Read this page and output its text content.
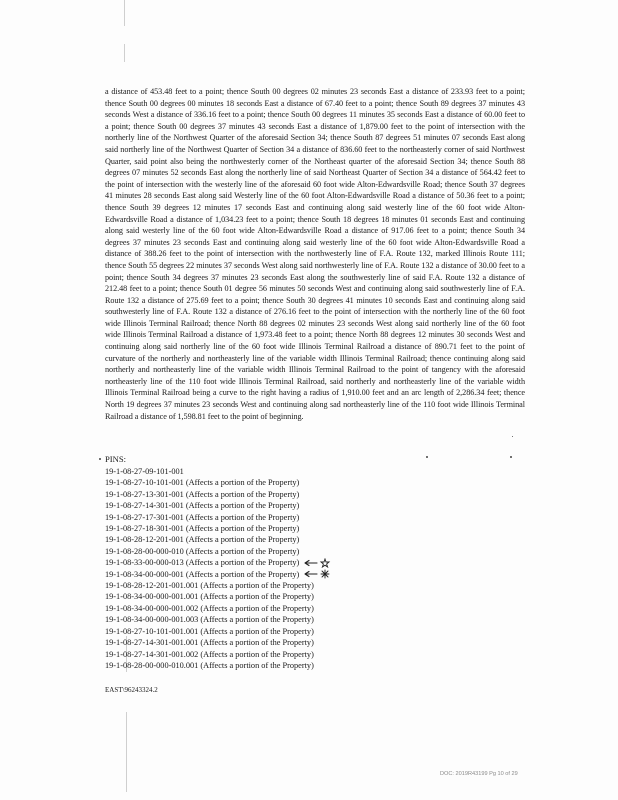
a distance of 453.48 feet to a point; thence South 00 degrees 02 minutes 23 seconds East a distance of 233.93 feet to a point; thence South 00 degrees 00 minutes 18 seconds East a distance of 67.40 feet to a point; thence South 89 degrees 37 minutes 43 seconds West a distance of 336.16 feet to a point; thence South 00 degrees 11 minutes 35 seconds East a distance of 60.00 feet to a point; thence South 00 degrees 37 minutes 43 seconds East a distance of 1,879.00 feet to the point of intersection with the northerly line of the Northwest Quarter of the aforesaid Section 34; thence South 87 degrees 51 minutes 07 seconds East along said northerly line of the Northwest Quarter of Section 34 a distance of 836.60 feet to the northeasterly corner of said Northwest Quarter, said point also being the northwesterly corner of the Northeast quarter of the aforesaid Section 34; thence South 88 degrees 07 minutes 52 seconds East along the northerly line of said Northeast Quarter of Section 34 a distance of 564.42 feet to the point of intersection with the westerly line of the aforesaid 60 foot wide Alton-Edwardsville Road; thence South 37 degrees 41 minutes 28 seconds East along said Westerly line of the 60 foot Alton-Edwardsville Road a distance of 50.36 feet to a point; thence South 39 degrees 12 minutes 17 seconds East and continuing along said westerly line of the 60 foot wide Alton-Edwardsville Road a distance of 1,034.23 feet to a point; thence South 18 degrees 18 minutes 01 seconds East and continuing along said westerly line of the 60 foot wide Alton-Edwardsville Road a distance of 917.06 feet to a point; thence South 34 degrees 37 minutes 23 seconds East and continuing along said westerly line of the 60 foot wide Alton-Edwardsville Road a distance of 388.26 feet to the point of intersection with the northwesterly line of F.A. Route 132, marked Illinois Route 111; thence South 55 degrees 22 minutes 37 seconds West along said northwesterly line of F.A. Route 132 a distance of 30.00 feet to a point; thence South 34 degrees 37 minutes 23 seconds East along the southwesterly line of said F.A. Route 132 a distance of 212.48 feet to a point; thence South 01 degree 56 minutes 50 seconds West and continuing along said southwesterly line of F.A. Route 132 a distance of 275.69 feet to a point; thence South 30 degrees 41 minutes 10 seconds East and continuing along said southwesterly line of F.A. Route 132 a distance of 276.16 feet to the point of intersection with the northerly line of the 60 foot wide Illinois Terminal Railroad; thence North 88 degrees 02 minutes 23 seconds West along said northerly line of the 60 foot wide Illinois Terminal Railroad a distance of 1,973.48 feet to a point; thence North 88 degrees 12 minutes 30 seconds West and continuing along said northerly line of the 60 foot wide Illinois Terminal Railroad a distance of 890.71 feet to the point of curvature of the northerly and northeasterly line of the variable width Illinois Terminal Railroad; thence continuing along said northerly and northeasterly line of the variable width Illinois Terminal Railroad to the point of tangency with the aforesaid northeasterly line of the 110 foot wide Illinois Terminal Railroad, said northerly and northeasterly line of the variable width Illinois Terminal Railroad being a curve to the right having a radius of 1,910.00 feet and an arc length of 2,286.34 feet; thence North 19 degrees 37 minutes 23 seconds West and continuing along sad northeasterly line of the 110 foot wide Illinois Terminal Railroad a distance of 1,598.81 feet to the point of beginning.

PINS:

19-1-08-27-09-101-001
19-1-08-27-10-101-001 (Affects a portion of the Property)
19-1-08-27-13-301-001 (Affects a portion of the Property)
19-1-08-27-14-301-001 (Affects a portion of the Property)
19-1-08-27-17-301-001 (Affects a portion of the Property)
19-1-08-27-18-301-001 (Affects a portion of the Property)
19-1-08-28-12-201-001 (Affects a portion of the Property)
19-1-08-28-00-000-010 (Affects a portion of the Property)
19-1-08-33-00-000-013 (Affects a portion of the Property)
19-1-08-34-00-000-001 (Affects a portion of the Property)
19-1-08-28-12-201-001.001 (Affects a portion of the Property)
19-1-08-34-00-000-001.001 (Affects a portion of the Property)
19-1-08-34-00-000-001.002 (Affects a portion of the Property)
19-1-08-34-00-000-001.003 (Affects a portion of the Property)
19-1-08-27-10-101-001.001 (Affects a portion of the Property)
19-1-08-27-14-301-001.001 (Affects a portion of the Property)
19-1-08-27-14-301-001.002 (Affects a portion of the Property)
19-1-08-28-00-000-010.001 (Affects a portion of the Property)

EAST\96243324.2

DOC: 2019R43199 Pg 10 of 29
